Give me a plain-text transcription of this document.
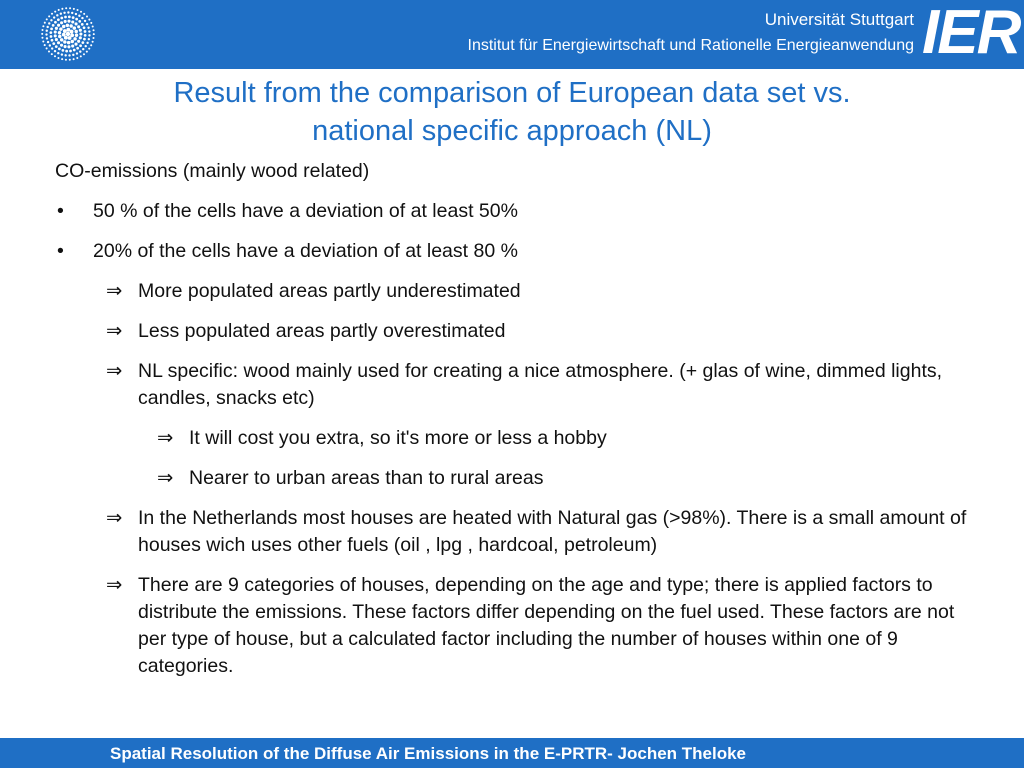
Universität Stuttgart
Institut für Energiewirtschaft und Rationelle Energieanwendung IER
Result from the comparison of European data set vs.
national specific approach (NL)
CO-emissions (mainly wood related)
• 50 % of the cells have a deviation of at least 50%
• 20% of the cells have a deviation of at least 80 %
⇒ More populated areas partly underestimated
⇒ Less populated areas partly overestimated
⇒ NL specific: wood mainly used for creating a nice atmosphere. (+ glas of wine, dimmed lights, candles, snacks etc)
⇒ It will cost you extra, so it's more or less a hobby
⇒ Nearer to urban areas than to rural areas
⇒ In the Netherlands most houses are heated with Natural gas (>98%). There is a small amount of houses wich uses other fuels (oil , lpg , hardcoal, petroleum)
⇒ There are 9 categories of houses, depending on the age and type; there is applied factors to distribute the emissions. These factors differ depending on the fuel used. These factors are not per type of house, but a calculated factor including the number of houses within one of 9 categories.
Spatial Resolution of the Diffuse Air Emissions in the E-PRTR- Jochen Theloke
